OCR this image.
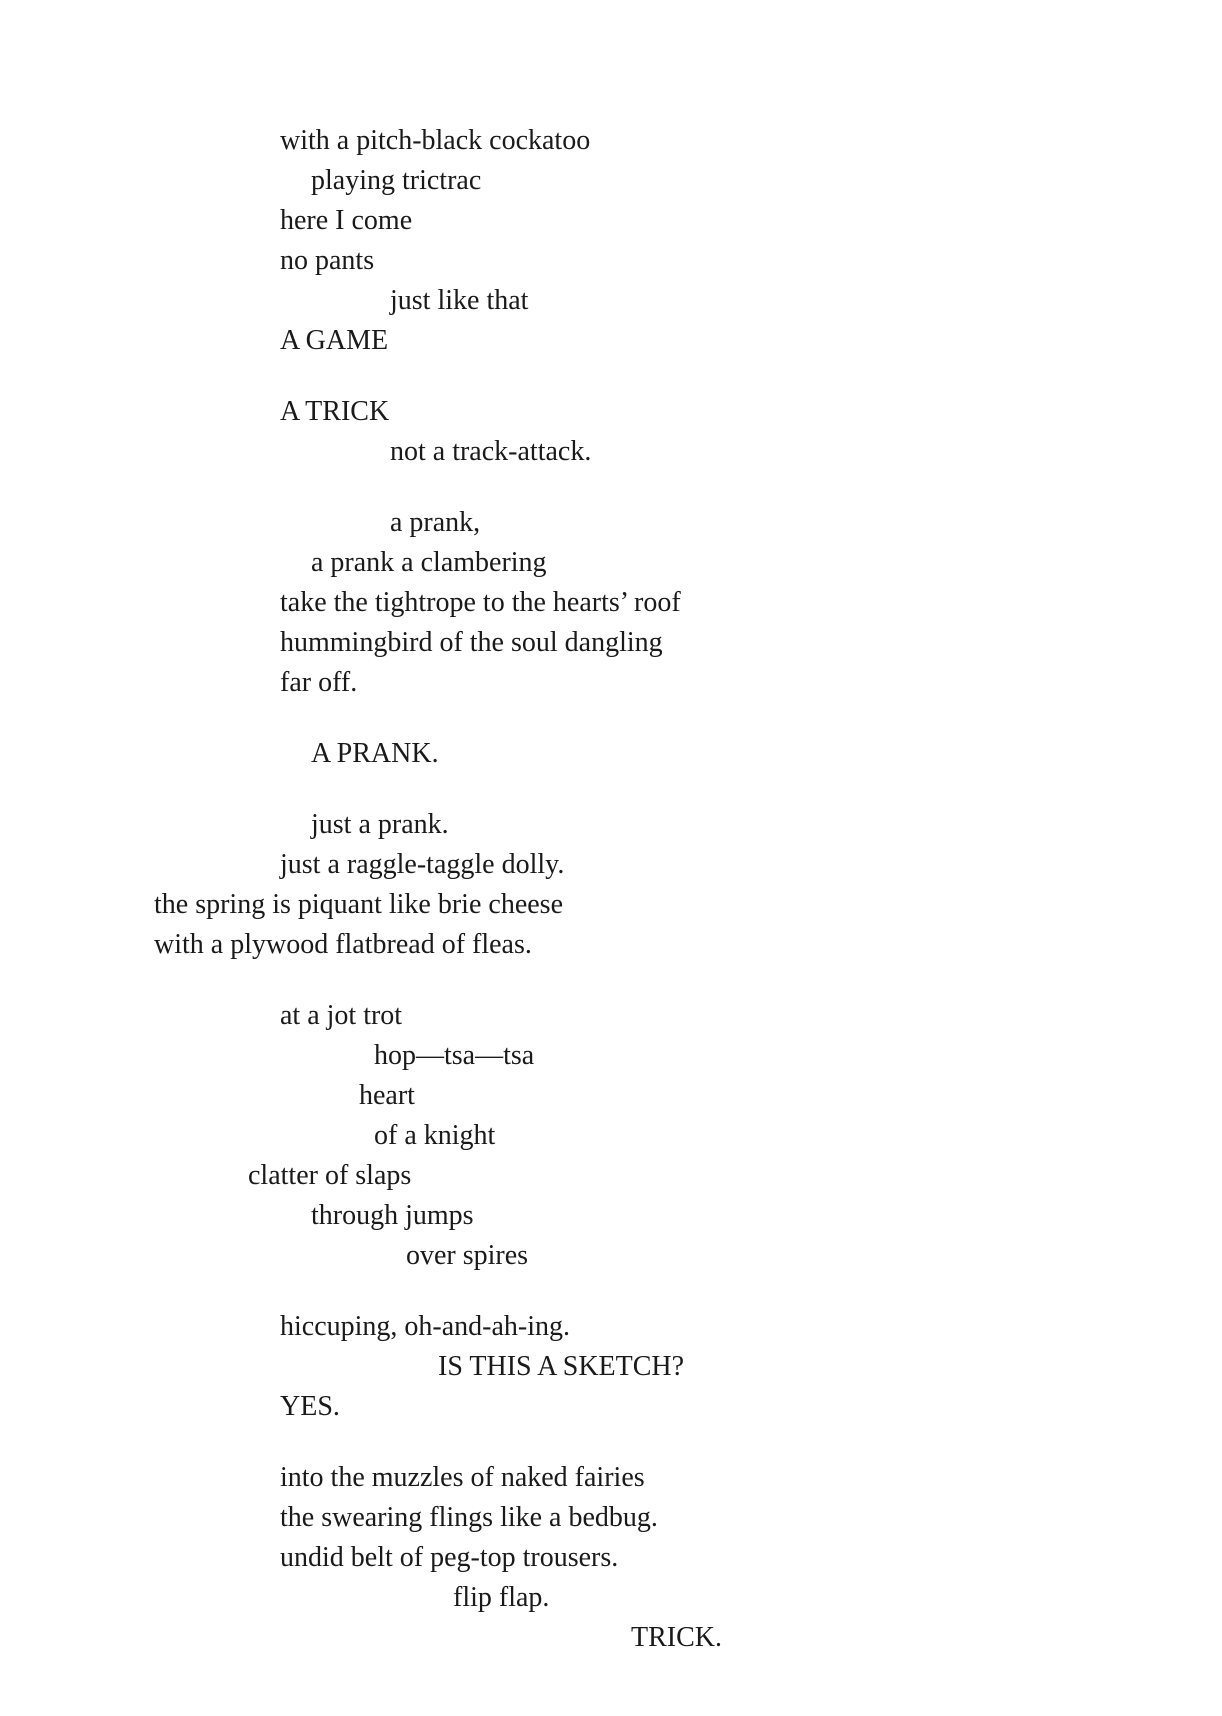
with a pitch-black cockatoo
playing trictrac
here I come
no pants
just like that
A GAME
A TRICK
not a track-attack.
a prank,
a prank a clambering
take the tightrope to the hearts’ roof
hummingbird of the soul dangling
far off.
A PRANK.
just a prank.
just a raggle-taggle dolly.
the spring is piquant like brie cheese
with a plywood flatbread of fleas.
at a jot trot
hop—tsa—tsa
heart
of a knight
clatter of slaps
through jumps
over spires
hiccuping, oh-and-ah-ing.
IS THIS A SKETCH?
YES.
into the muzzles of naked fairies
the swearing flings like a bedbug.
undid belt of peg-top trousers.
flip flap.
TRICK.
